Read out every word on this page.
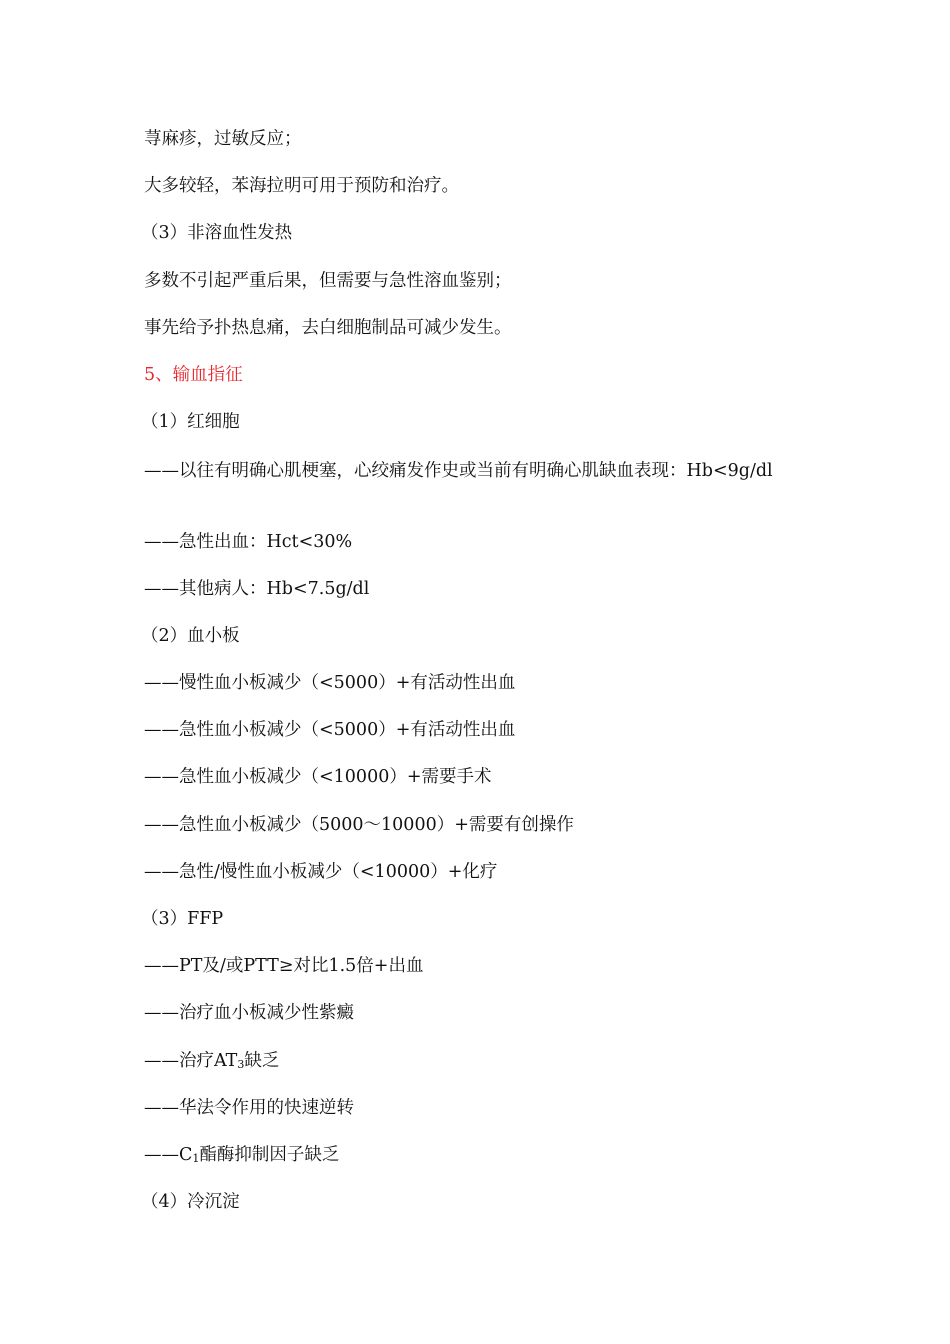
荨麻疹，过敏反应；
大多较轻，苯海拉明可用于预防和治疗。
（3）非溶血性发热
多数不引起严重后果，但需要与急性溶血鉴别；
事先给予扑热息痛，去白细胞制品可减少发生。
5、输血指征
（1）红细胞
——以往有明确心肌梗塞，心绞痛发作史或当前有明确心肌缺血表现：Hb<9g/dl
——急性出血：Hct<30%
——其他病人：Hb<7.5g/dl
（2）血小板
——慢性血小板减少（<5000）+有活动性出血
——急性血小板减少（<5000）+有活动性出血
——急性血小板减少（<10000）+需要手术
——急性血小板减少（5000～10000）+需要有创操作
——急性/慢性血小板减少（<10000）+化疗
（3）FFP
——PT及/或PTT≥对比1.5倍+出血
——治疗血小板减少性紫癜
——治疗$AT_3$缺乏
——华法令作用的快速逆转
$——C_1$酯酶抑制因子缺乏
（4）冷沉淀
